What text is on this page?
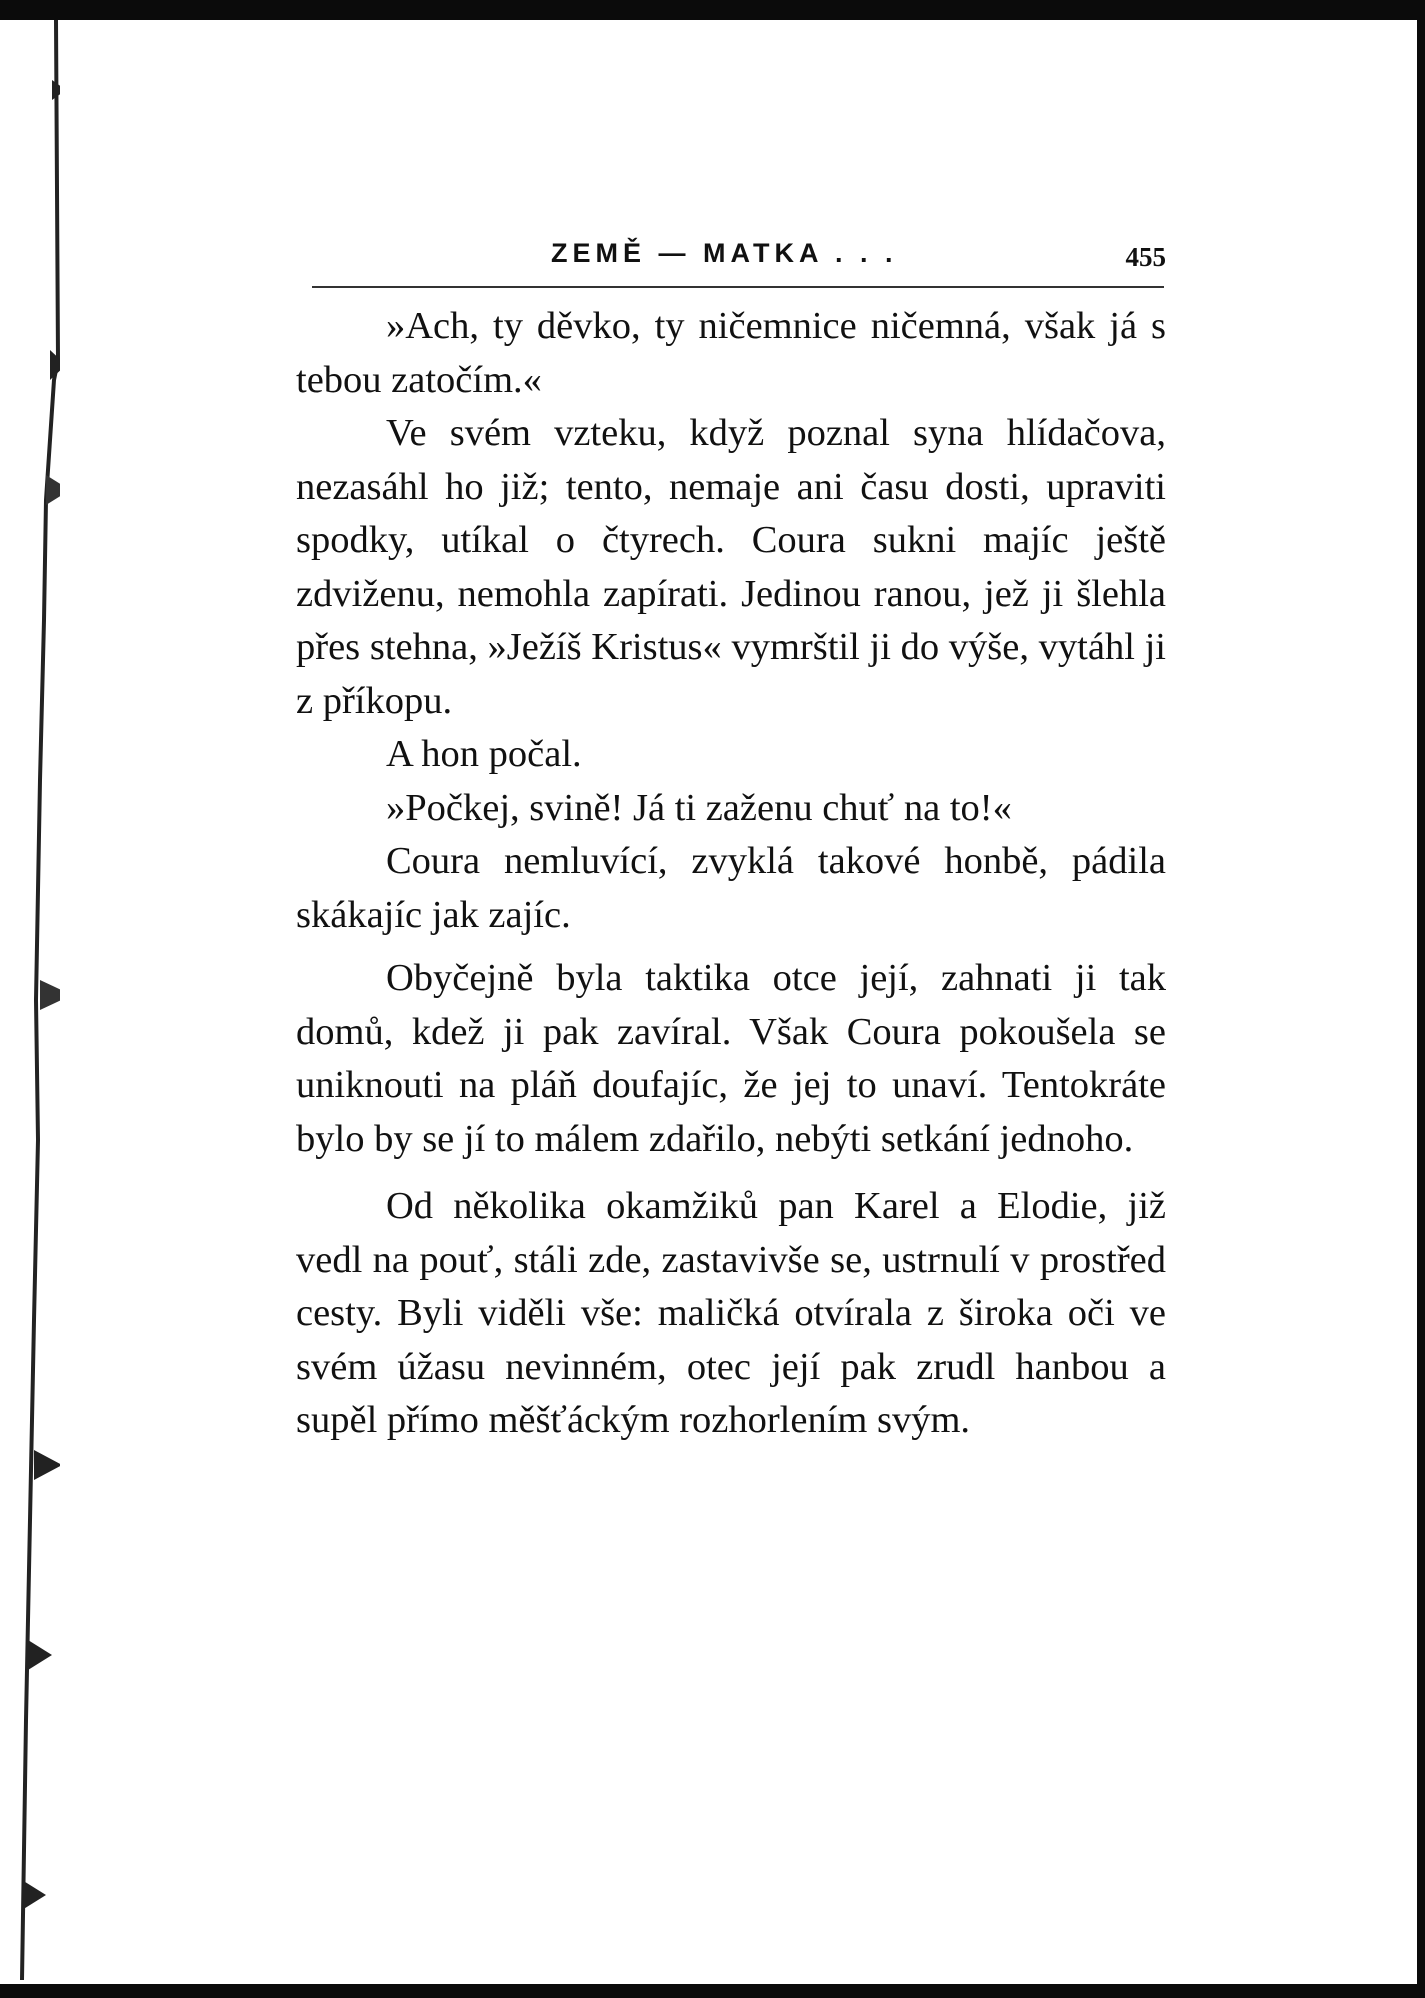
ZEMĚ — MATKA . . .	455

»Ach, ty děvko, ty ničemnice ničemná, však já s tebou zatočím.«

Ve svém vzteku, když poznal syna hlídačova, nezasáhl ho již; tento, nemaje ani času dosti, upraviti spodky, utíkal o čtyrech. Coura sukni majíc ještě zdviženu, nemohla zapírati. Jedinou ranou, jež ji šlehla přes stehna, »Ježíš Kristus« vymrštil ji do výše, vytáhl ji z příkopu.

A hon počal.

»Počkej, svině! Já ti zaženu chuť na to!«

Coura nemluvící, zvyklá takové honbě, pádila skákajíc jak zajíc.

Obyčejně byla taktika otce její, zahnati ji tak domů, kdež ji pak zavíral. Však Coura pokoušela se uniknouti na pláň doufajíc, že jej to unaví. Tentokráte bylo by se jí to málem zdařilo, nebýti setkání jednoho.

Od několika okamžiků pan Karel a Elodie, již vedl na pouť, stáli zde, zastavivše se, ustrnulí v prostřed cesty. Byli viděli vše: maličká otvírala z široka oči ve svém úžasu nevinném, otec její pak zrudl hanbou a supěl přímo měšťáckým rozhorlením svým.
